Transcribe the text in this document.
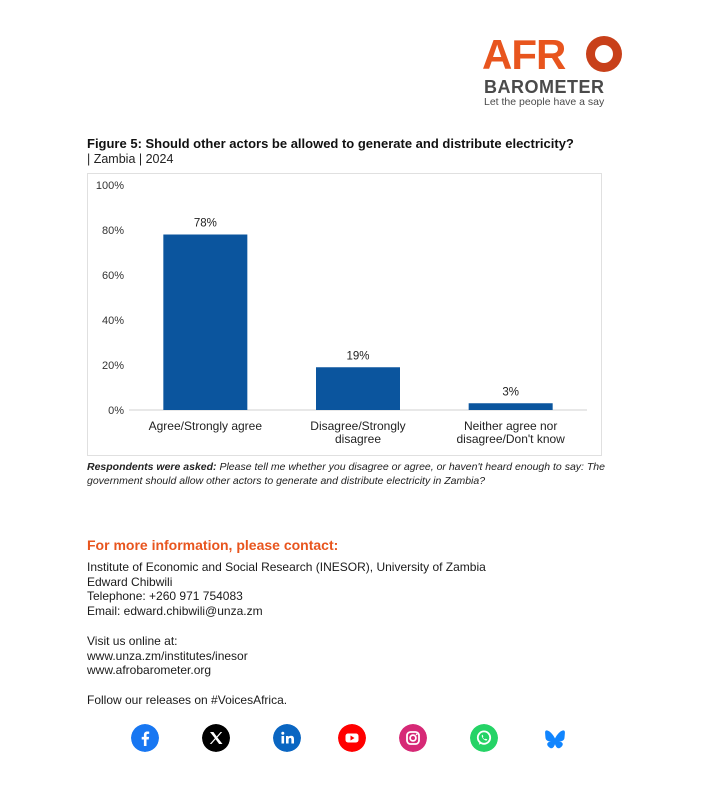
AFR
BAROMETER
Let the people have a say
Figure 5: Should other actors be allowed to generate and distribute electricity?
| Zambia | 2024
0%
20%
40%
60%
80%
100%
78%
Agree/Strongly agree
19%
Disagree/Strongly
disagree
3%
Neither agree nor
disagree/Don't know
Respondents were asked: Please tell me whether you disagree or agree, or haven't heard enough to say: The government should allow other actors to generate and distribute electricity in Zambia?
For more information, please contact:
Institute of Economic and Social Research (INESOR), University of Zambia
Edward Chibwili
Telephone: +260 971 754083
Email: edward.chibwili@unza.zm
Visit us online at:
www.unza.zm/institutes/inesor
www.afrobarometer.org
Follow our releases on #VoicesAfrica.
